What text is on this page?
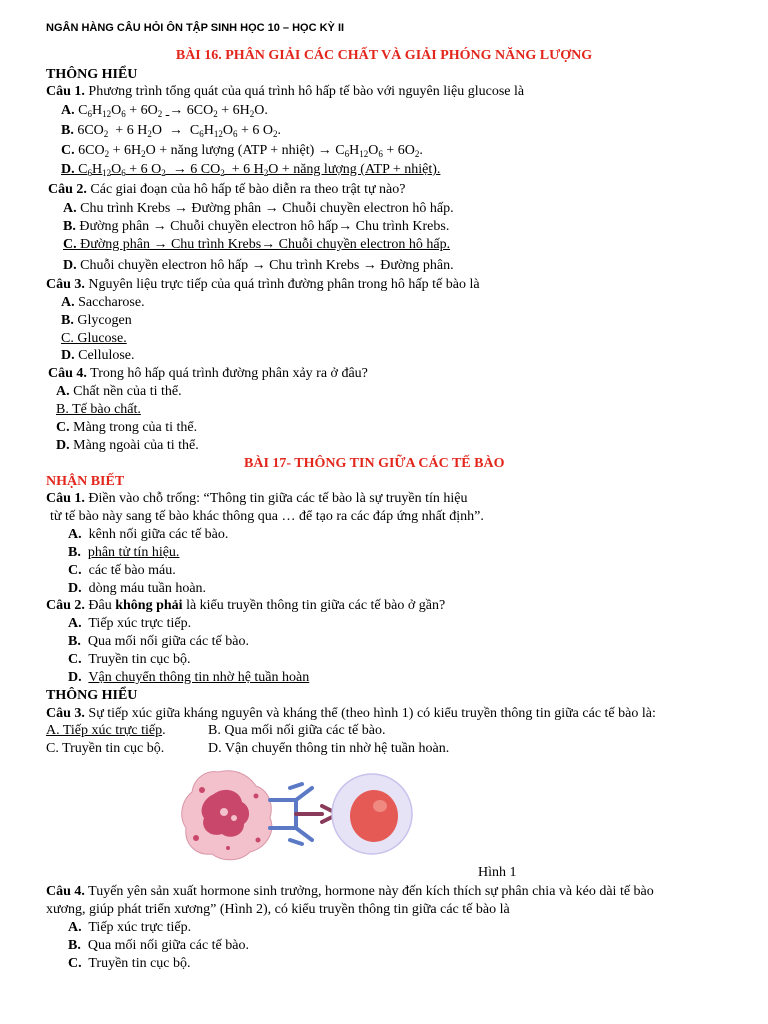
NGÂN HÀNG CÂU HỎI ÔN TẬP SINH HỌC 10 – HỌC KỲ II
BÀI 16. PHÂN GIẢI CÁC CHẤT VÀ GIẢI PHÓNG NĂNG LƯỢNG
THÔNG HIỂU
Câu 1. Phương trình tổng quát của quá trình hô hấp tế bào với nguyên liệu glucose là
A. $C_6H_{12}O_6 + 6O_2 \to 6CO_2 + 6H_2O$.
B. $6CO_2 + 6$ $H_2O \to C_6H_{12}O_6 + 6$ $O_2$.
C. $6CO_2 + 6H_2O$ + năng lượng (ATP + nhiệt) → $C_6H_{12}O_6 + 6O_2$.
D. $C_6H_{12}O_6 + 6$ $O_2 \to 6$ $CO_2 + 6$ $H_2O$ + năng lượng (ATP + nhiệt).
Câu 2. Các giai đoạn của hô hấp tế bào diễn ra theo trật tự nào?
A. Chu trình Krebs → Đường phân → Chuỗi chuyền electron hô hấp.
B. Đường phân → Chuỗi chuyền electron hô hấp→ Chu trình Krebs.
C. Đường phân → Chu trình Krebs→ Chuỗi chuyền electron hô hấp.
D. Chuỗi chuyền electron hô hấp → Chu trình Krebs → Đường phân.
Câu 3. Nguyên liệu trực tiếp của quá trình đường phân trong hô hấp tế bào là
A. Saccharose.
B. Glycogen
C. Glucose.
D. Cellulose.
Câu 4. Trong hô hấp quá trình đường phân xảy ra ở đâu?
A. Chất nền của ti thể.
B. Tế bào chất.
C. Màng trong của ti thể.
D. Màng ngoài của ti thể.
BÀI 17- THÔNG TIN GIỮA CÁC TẾ BÀO
NHẬN BIẾT
Câu 1. Điền vào chỗ trống: “Thông tin giữa các tế bào là sự truyền tín hiệu
từ tế bào này sang tế bào khác thông qua … để tạo ra các đáp ứng nhất định”.
A. kênh nối giữa các tế bào.
B. phân tử tín hiệu.
C. các tế bào máu.
D. dòng máu tuần hoàn.
Câu 2. Đâu không phải là kiểu truyền thông tin giữa các tế bào ở gần?
A. Tiếp xúc trực tiếp.
B. Qua mối nối giữa các tế bào.
C. Truyền tin cục bộ.
D. Vận chuyển thông tin nhờ hệ tuần hoàn
THÔNG HIỂU
Câu 3. Sự tiếp xúc giữa kháng nguyên và kháng thể (theo hình 1) có kiểu truyền thông tin giữa các tế bào là:
A. Tiếp xúc trực tiếp.	B. Qua mối nối giữa các tế bào.
C. Truyền tin cục bộ.	D. Vận chuyển thông tin nhờ hệ tuần hoàn.
Hình 1
Câu 4. Tuyến yên sản xuất hormone sinh trưởng, hormone này đến kích thích sự phân chia và kéo dài tế bào
xương, giúp phát triển xương” (Hình 2), có kiểu truyền thông tin giữa các tế bào là
A. Tiếp xúc trực tiếp.
B. Qua mối nối giữa các tế bào.
C. Truyền tin cục bộ.
